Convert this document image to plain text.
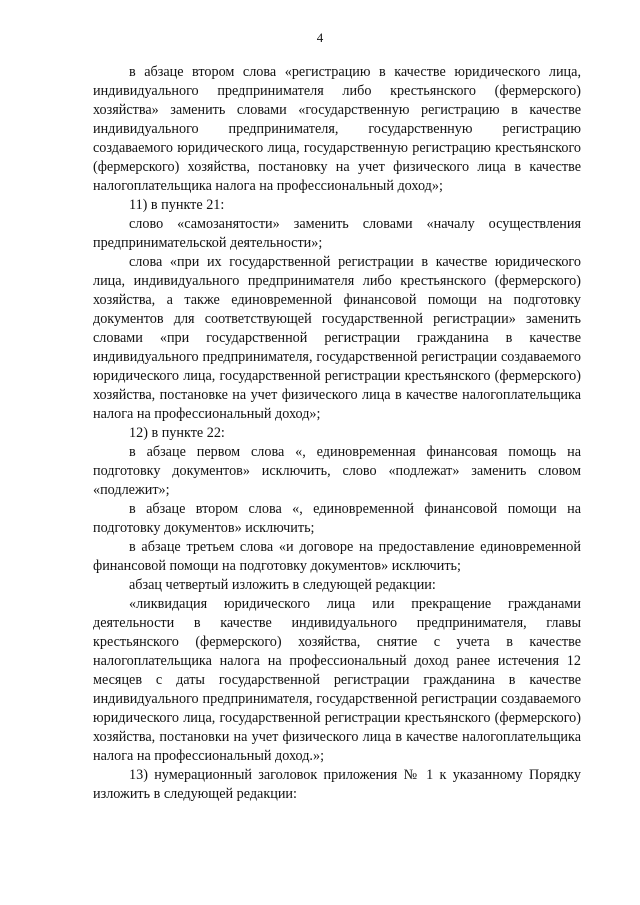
4

в абзаце втором слова «регистрацию в качестве юридического лица, индивидуального предпринимателя либо крестьянского (фермерского) хозяйства» заменить словами «государственную регистрацию в качестве индивидуального предпринимателя, государственную регистрацию создаваемого юридического лица, государственную регистрацию крестьянского (фермерского) хозяйства, постановку на учет физического лица в качестве налогоплательщика налога на профессиональный доход»;

11) в пункте 21:

слово «самозанятости» заменить словами «началу осуществления предпринимательской деятельности»;

слова «при их государственной регистрации в качестве юридического лица, индивидуального предпринимателя либо крестьянского (фермерского) хозяйства, а также единовременной финансовой помощи на подготовку документов для соответствующей государственной регистрации» заменить словами «при государственной регистрации гражданина в качестве индивидуального предпринимателя, государственной регистрации создаваемого юридического лица, государственной регистрации крестьянского (фермерского) хозяйства, постановке на учет физического лица в качестве налогоплательщика налога на профессиональный доход»;

12) в пункте 22:

в абзаце первом слова «, единовременная финансовая помощь на подготовку документов» исключить, слово «подлежат» заменить словом «подлежит»;

в абзаце втором слова «, единовременной финансовой помощи на подготовку документов» исключить;

в абзаце третьем слова «и договоре на предоставление единовременной финансовой помощи на подготовку документов» исключить;

абзац четвертый изложить в следующей редакции:

«ликвидация юридического лица или прекращение гражданами деятельности в качестве индивидуального предпринимателя, главы крестьянского (фермерского) хозяйства, снятие с учета в качестве налогоплательщика налога на профессиональный доход ранее истечения 12 месяцев с даты государственной регистрации гражданина в качестве индивидуального предпринимателя, государственной регистрации создаваемого юридического лица, государственной регистрации крестьянского (фермерского) хозяйства, постановки на учет физического лица в качестве налогоплательщика налога на профессиональный доход.»;

13) нумерационный заголовок приложения № 1 к указанному Порядку изложить в следующей редакции:
